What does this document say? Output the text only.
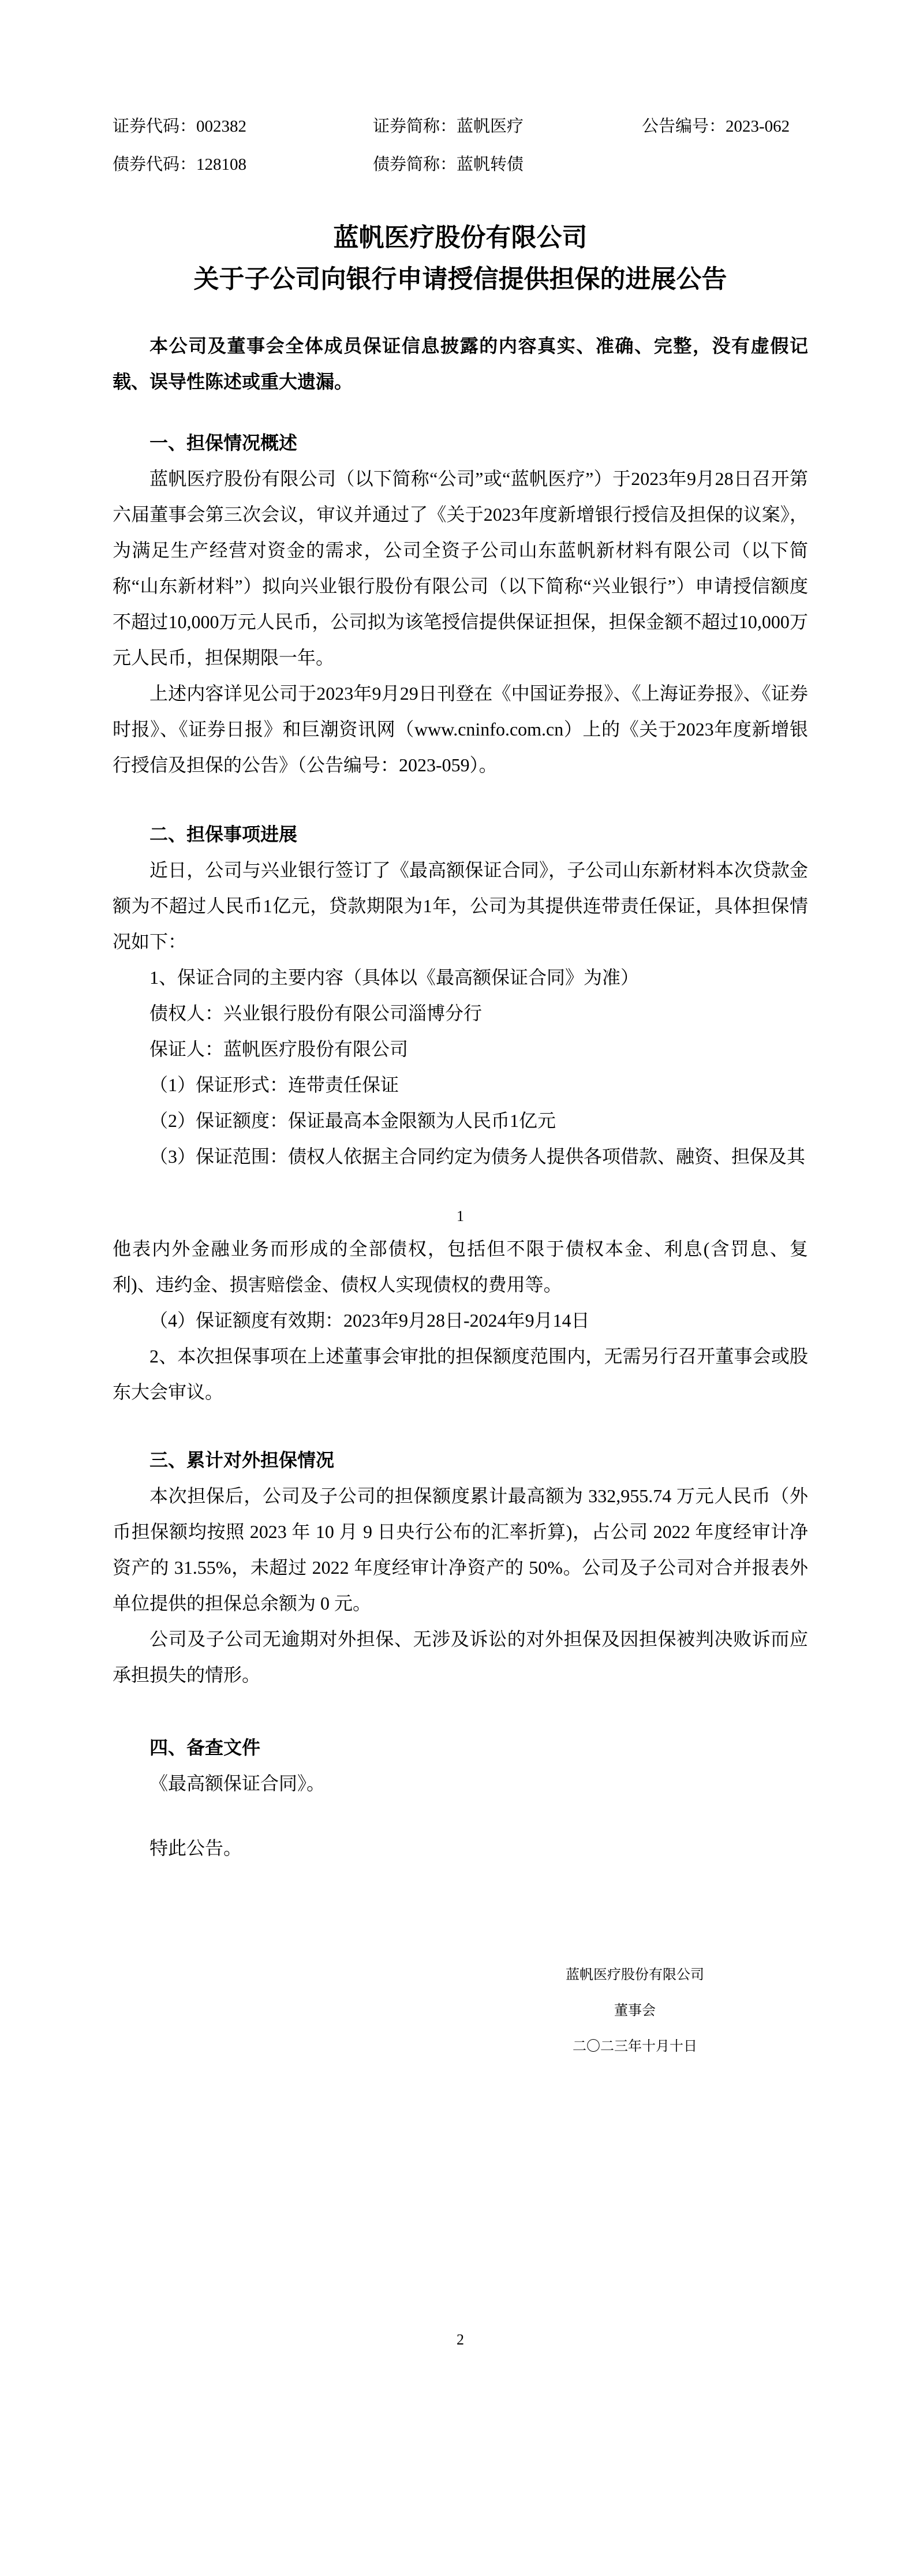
证券代码：002382	证券简称：蓝帆医疗	公告编号：2023-062
债券代码：128108	债券简称：蓝帆转债
蓝帆医疗股份有限公司
关于子公司向银行申请授信提供担保的进展公告

本公司及董事会全体成员保证信息披露的内容真实、准确、完整，没有虚假记载、误导性陈述或重大遗漏。

一、担保情况概述

蓝帆医疗股份有限公司（以下简称“公司”或“蓝帆医疗”）于2023年9月28日召开第六届董事会第三次会议，审议并通过了《关于2023年度新增银行授信及担保的议案》，为满足生产经营对资金的需求，公司全资子公司山东蓝帆新材料有限公司（以下简称“山东新材料”）拟向兴业银行股份有限公司（以下简称“兴业银行”）申请授信额度不超过10,000万元人民币，公司拟为该笔授信提供保证担保，担保金额不超过10,000万元人民币，担保期限一年。

上述内容详见公司于2023年9月29日刊登在《中国证券报》、《上海证券报》、《证券时报》、《证券日报》和巨潮资讯网（www.cninfo.com.cn）上的《关于2023年度新增银行授信及担保的公告》（公告编号：2023-059）。

二、担保事项进展

近日，公司与兴业银行签订了《最高额保证合同》，子公司山东新材料本次贷款金额为不超过人民币1亿元，贷款期限为1年，公司为其提供连带责任保证，具体担保情况如下：

1、保证合同的主要内容（具体以《最高额保证合同》为准）

债权人：兴业银行股份有限公司淄博分行

保证人：蓝帆医疗股份有限公司

（1）保证形式：连带责任保证

（2）保证额度：保证最高本金限额为人民币1亿元

（3）保证范围：债权人依据主合同约定为债务人提供各项借款、融资、担保及其

1

他表内外金融业务而形成的全部债权，包括但不限于债权本金、利息(含罚息、复利)、违约金、损害赔偿金、债权人实现债权的费用等。

（4）保证额度有效期：2023年9月28日-2024年9月14日

2、本次担保事项在上述董事会审批的担保额度范围内，无需另行召开董事会或股东大会审议。

三、累计对外担保情况

本次担保后，公司及子公司的担保额度累计最高额为 332,955.74 万元人民币（外币担保额均按照 2023 年 10 月 9 日央行公布的汇率折算)，占公司 2022 年度经审计净资产的 31.55%，未超过 2022 年度经审计净资产的 50%。公司及子公司对合并报表外单位提供的担保总余额为 0 元。

公司及子公司无逾期对外担保、无涉及诉讼的对外担保及因担保被判决败诉而应承担损失的情形。

四、备查文件

《最高额保证合同》。

特此公告。

蓝帆医疗股份有限公司
董事会
二〇二三年十月十日
2
